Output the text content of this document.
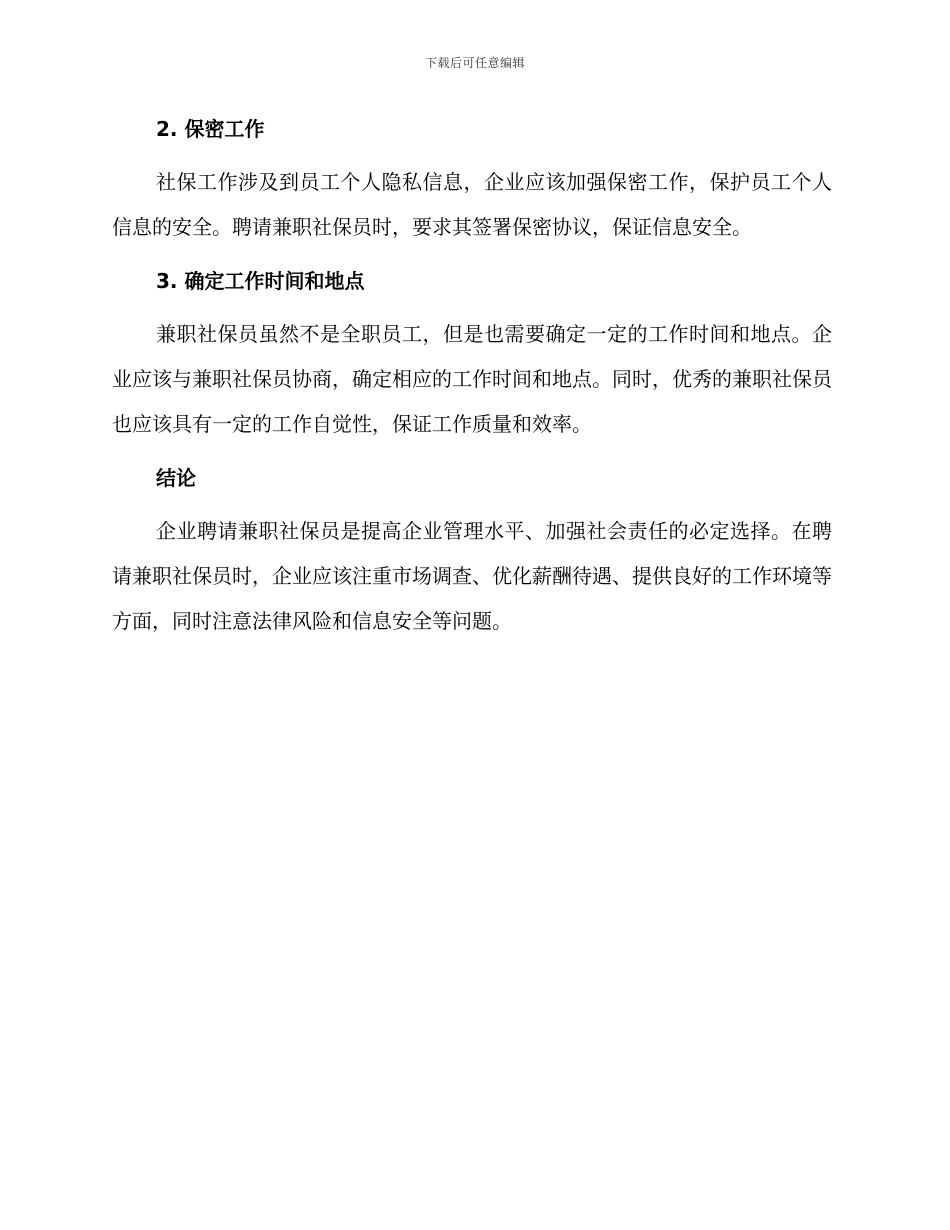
下载后可任意编辑
2. 保密工作

社保工作涉及到员工个人隐私信息，企业应该加强保密工作，保护员工个人信息的安全。聘请兼职社保员时，要求其签署保密协议，保证信息安全。

3. 确定工作时间和地点

兼职社保员虽然不是全职员工，但是也需要确定一定的工作时间和地点。企业应该与兼职社保员协商，确定相应的工作时间和地点。同时，优秀的兼职社保员也应该具有一定的工作自觉性，保证工作质量和效率。

结论

企业聘请兼职社保员是提高企业管理水平、加强社会责任的必定选择。在聘请兼职社保员时，企业应该注重市场调查、优化薪酬待遇、提供良好的工作环境等方面，同时注意法律风险和信息安全等问题。
